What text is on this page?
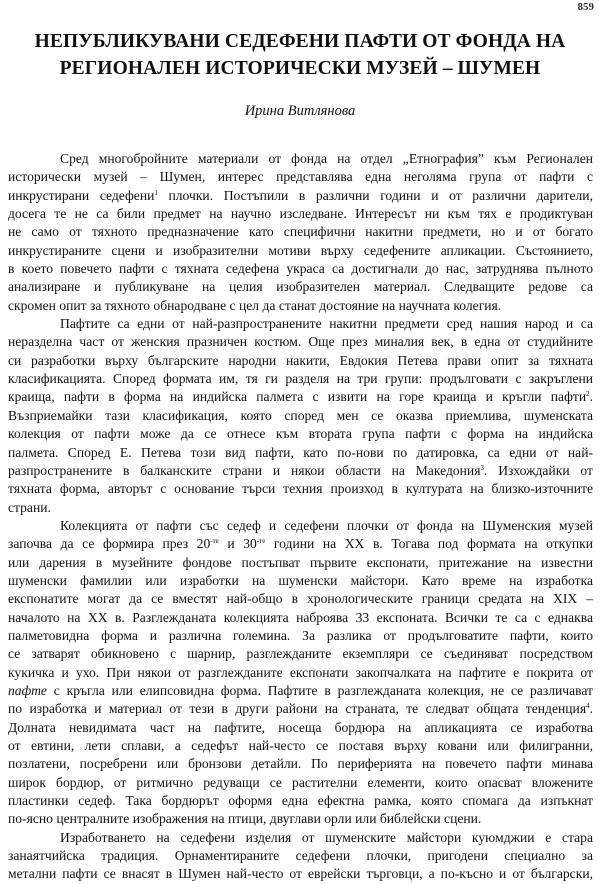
859
НЕПУБЛИКУВАНИ СЕДЕФЕНИ ПАФТИ ОТ ФОНДА НА
РЕГИОНАЛЕН ИСТОРИЧЕСКИ МУЗЕЙ – ШУМЕН
Ирина Витлянова
Сред многобройните материали от фонда на отдел „Етнография” към Регионален
исторически музей – Шумен, интерес представлява една неголяма група от пафти с
инкрустирани седефени$^1$ плочки. Постъпили в различни години и от различни дарители,
досега те не са били предмет на научно изследване. Интересът ни към тях е продиктуван
не само от тяхното предназначение като специфични накитни предмети, но и от богато
инкрустираните сцени и изобразителни мотиви върху седефените апликации. Състоянието,
в което повечето пафти с тяхната седефена украса са достигнали до нас, затруднява пълното
анализиране и публикуване на целия изобразителен материал. Следващите редове са
скромен опит за тяхното обнародване с цел да станат достояние на научната колегия.
Пафтите са едни от най-разпространените накитни предмети сред нашия народ и са
неразделна част от женския празничен костюм. Още през миналия век, в една от студийните
си разработки върху българските народни накити, Евдокия Петева прави опит за тяхната
класификацията. Според формата им, тя ги разделя на три групи: продълговати с закръглени
краища, пафти в форма на индийска палмета с извити на горе краища и кръгли пафти$^2$.
Възприемайки тази класификация, която според мен се оказва приемлива, шуменската
колекция от пафти може да се отнесе към втората група пафти с форма на индийска
палмета. Според Е. Петева този вид пафти, като по-нови по датировка, са едни от най-
разпространените в балканските страни и някои области на Македония$^3$. Изхождайки от
тяхната форма, авторът с основание търси техния произход в културата на близко-източните
страни.
Колекцията от пафти със седеф и седефени плочки от фонда на Шуменския музей
започва да се формира през $20^{-те}$ и $30^{-те}$ години на ХХ в. Тогава под формата на откупки
или дарения в музейните фондове постъпват първите експонати, притежание на известни
шуменски фамилии или изработки на шуменски майстори. Като време на изработка
експонатите могат да се вместят най-общо в хронологическите граници средата на ХІХ –
началото на ХХ в. Разглежданата колекцията наброява 33 експоната. Всички те са с еднаква
палметовидна форма и различна големина. За разлика от продълговатите пафти, които
се затварят обикновено с шарнир, разглежданите екземпляри се съединяват посредством
кукичка и ухо. При някои от разглежданите експонати закопчалката на пафтите е покрита от
пафте с кръгла или елипсовидна форма. Пафтите в разглежданата колекция, не се различават
по изработка и материал от тези в други райони на страната, те следват общата тенденция$^4$.
Долната невидимата част на пафтите, носеща бордюра на апликацията се изработва
от евтини, лети сплави, а седефът най-често се поставя върху ковани или филигранни,
позлатени, посребрени или бронзови детайли. По периферията на повечето пафти минава
широк бордюр, от ритмично редуващи се растителни елементи, които опасват вложените
пластинки седеф. Така бордюрът оформя една ефектна рамка, която спомага да изпъкнат
по-ясно централните изображения на птици, двуглави орли или библейски сцени.
Изработването на седефени изделия от шуменските майстори куюмджии е стара
занаятчийска традиция. Орнаментираните седефени плочки, пригодени специално за
метални пафти се внасят в Шумен най-често от еврейски търговци, а по-късно и от български,
